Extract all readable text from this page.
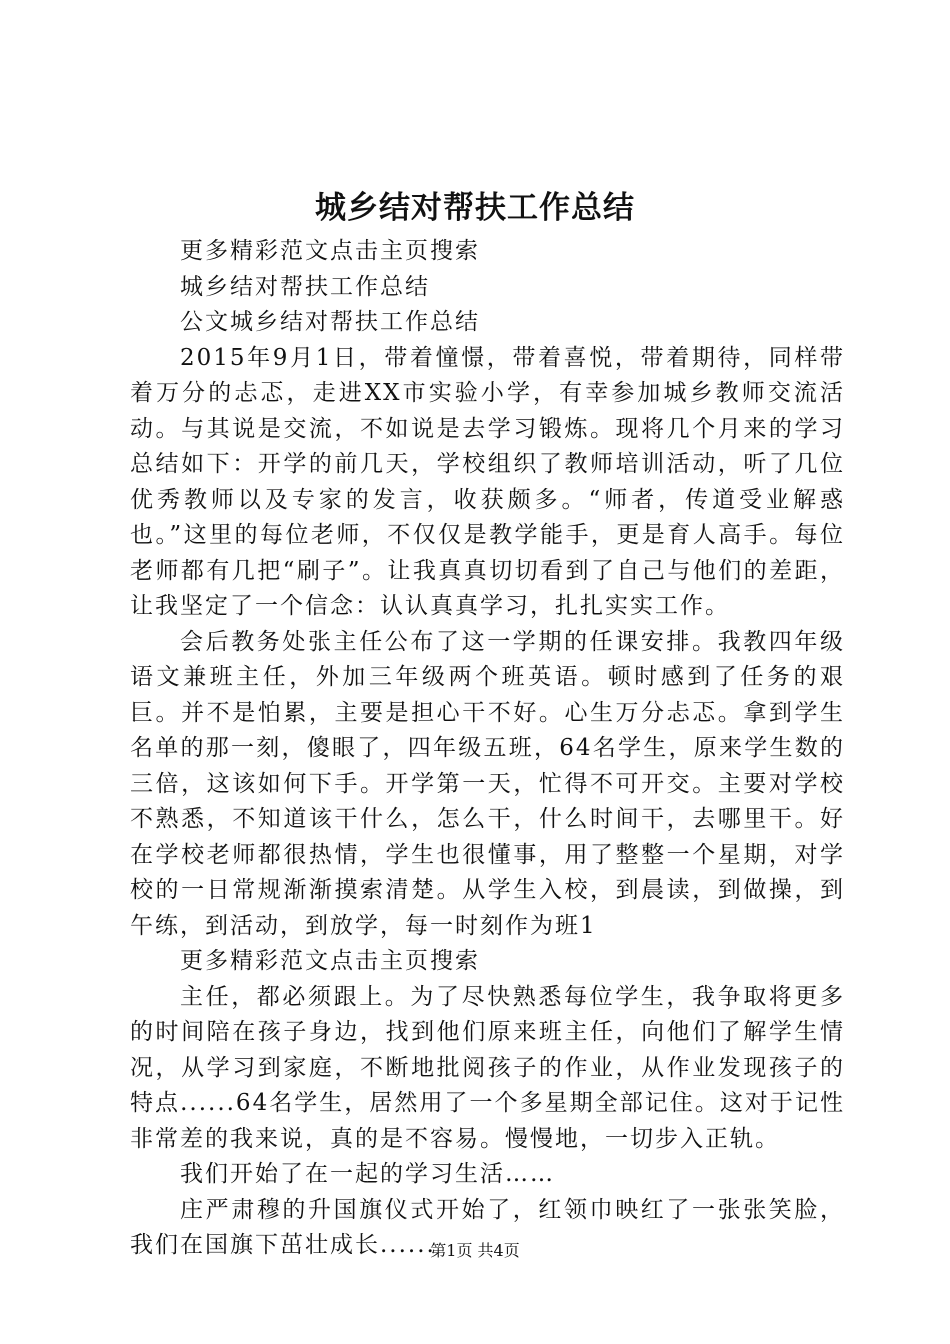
城乡结对帮扶工作总结

更多精彩范文点击主页搜索

城乡结对帮扶工作总结

公文城乡结对帮扶工作总结

2015年9月1日，带着憧憬，带着喜悦，带着期待，同样带着万分的忐忑，走进XX市实验小学，有幸参加城乡教师交流活动。与其说是交流，不如说是去学习锻炼。现将几个月来的学习总结如下：开学的前几天，学校组织了教师培训活动，听了几位优秀教师以及专家的发言，收获颇多。“师者，传道受业解惑也。”这里的每位老师，不仅仅是教学能手，更是育人高手。每位老师都有几把“刷子”。让我真真切切看到了自己与他们的差距，让我坚定了一个信念：认认真真学习，扎扎实实工作。

会后教务处张主任公布了这一学期的任课安排。我教四年级语文兼班主任，外加三年级两个班英语。顿时感到了任务的艰巨。并不是怕累，主要是担心干不好。心生万分忐忑。拿到学生名单的那一刻，傻眼了，四年级五班，64名学生，原来学生数的三倍，这该如何下手。开学第一天，忙得不可开交。主要对学校不熟悉，不知道该干什么，怎么干，什么时间干，去哪里干。好在学校老师都很热情，学生也很懂事，用了整整一个星期，对学校的一日常规渐渐摸索清楚。从学生入校，到晨读，到做操，到午练，到活动，到放学，每一时刻作为班1

更多精彩范文点击主页搜索

主任，都必须跟上。为了尽快熟悉每位学生，我争取将更多的时间陪在孩子身边，找到他们原来班主任，向他们了解学生情况，从学习到家庭，不断地批阅孩子的作业，从作业发现孩子的特点......64名学生，居然用了一个多星期全部记住。这对于记性非常差的我来说，真的是不容易。慢慢地，一切步入正轨。

我们开始了在一起的学习生活……

庄严肃穆的升国旗仪式开始了，红领巾映红了一张张笑脸，我们在国旗下茁壮成长......

第1页 共4页
